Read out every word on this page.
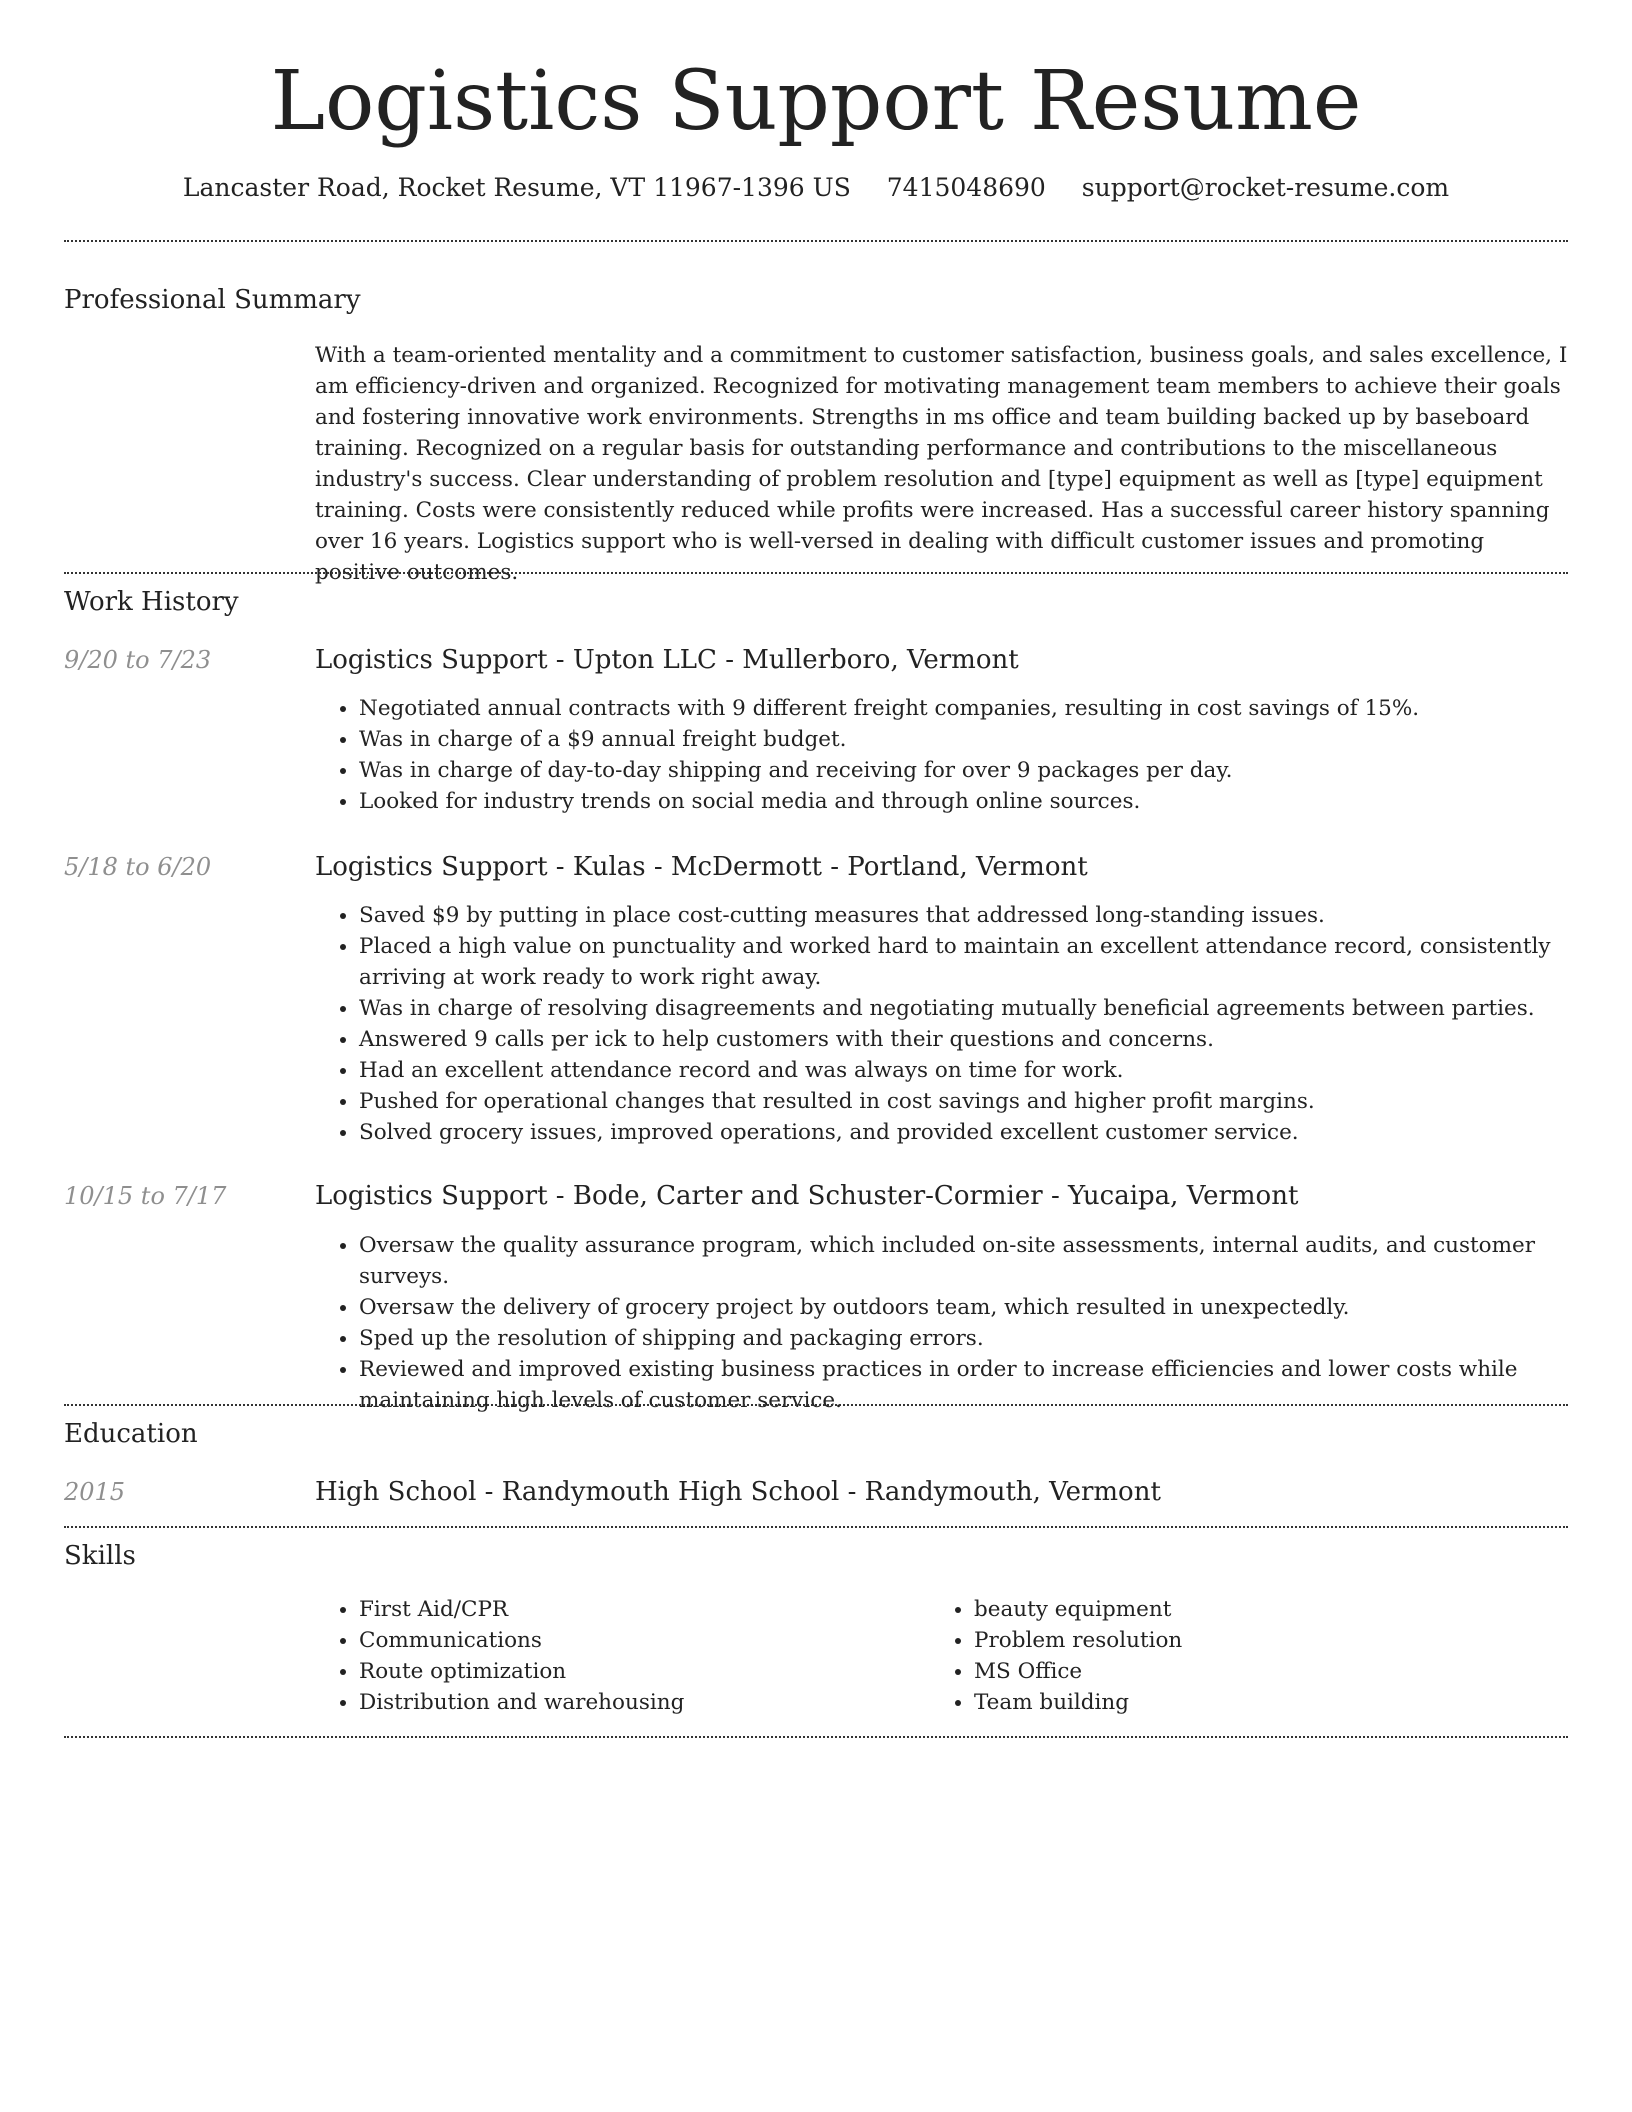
Logistics Support Resume
Lancaster Road, Rocket Resume, VT 11967-1396 US 7415048690 support@rocket-resume.com
Professional Summary

With a team-oriented mentality and a commitment to customer satisfaction, business goals, and sales excellence, I am efficiency-driven and organized. Recognized for motivating management team members to achieve their goals and fostering innovative work environments. Strengths in ms office and team building backed up by baseboard training. Recognized on a regular basis for outstanding performance and contributions to the miscellaneous industry's success. Clear understanding of problem resolution and [type] equipment as well as [type] equipment training. Costs were consistently reduced while profits were increased. Has a successful career history spanning over 16 years. Logistics support who is well-versed in dealing with difficult customer issues and promoting positive outcomes.

Work History
9/20 to 7/23	Logistics Support - Upton LLC - Mullerboro, Vermont
• Negotiated annual contracts with 9 different freight companies, resulting in cost savings of 15%.
• Was in charge of a $9 annual freight budget.
• Was in charge of day-to-day shipping and receiving for over 9 packages per day.
• Looked for industry trends on social media and through online sources.
5/18 to 6/20	Logistics Support - Kulas - McDermott - Portland, Vermont
• Saved $9 by putting in place cost-cutting measures that addressed long-standing issues.
• Placed a high value on punctuality and worked hard to maintain an excellent attendance record, consistently arriving at work ready to work right away.
• Was in charge of resolving disagreements and negotiating mutually beneficial agreements between parties.
• Answered 9 calls per ick to help customers with their questions and concerns.
• Had an excellent attendance record and was always on time for work.
• Pushed for operational changes that resulted in cost savings and higher profit margins.
• Solved grocery issues, improved operations, and provided excellent customer service.
10/15 to 7/17	Logistics Support - Bode, Carter and Schuster-Cormier - Yucaipa, Vermont
• Oversaw the quality assurance program, which included on-site assessments, internal audits, and customer surveys.
• Oversaw the delivery of grocery project by outdoors team, which resulted in unexpectedly.
• Sped up the resolution of shipping and packaging errors.
• Reviewed and improved existing business practices in order to increase efficiencies and lower costs while maintaining high levels of customer service.
Education
2015	High School - Randymouth High School - Randymouth, Vermont
Skills
• First Aid/CPR
• Communications
• Route optimization
• Distribution and warehousing
• beauty equipment
• Problem resolution
• MS Office
• Team building
